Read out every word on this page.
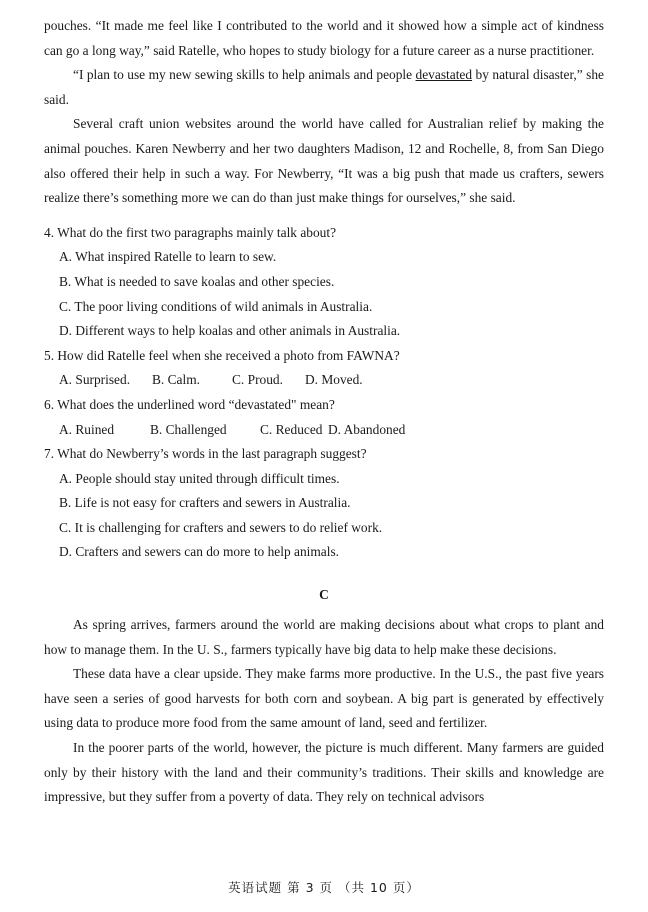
pouches. “It made me feel like I contributed to the world and it showed how a simple act of kindness can go a long way,” said Ratelle, who hopes to study biology for a future career as a nurse practitioner.

“I plan to use my new sewing skills to help animals and people devastated by natural disaster,” she said.

Several craft union websites around the world have called for Australian relief by making the animal pouches. Karen Newberry and her two daughters Madison, 12 and Rochelle, 8, from San Diego also offered their help in such a way. For Newberry, “It was a big push that made us crafters, sewers realize there’s something more we can do than just make things for ourselves,” she said.

4. What do the first two paragraphs mainly talk about?

A. What inspired Ratelle to learn to sew.

B. What is needed to save koalas and other species.

C. The poor living conditions of wild animals in Australia.

D. Different ways to help koalas and other animals in Australia.

5. How did Ratelle feel when she received a photo from FAWNA?

A. Surprised. B. Calm. C. Proud. D. Moved.

6. What does the underlined word “devastated" mean?

A. Ruined	B. Challenged C. Reduced D. Abandoned

7. What do Newberry’s words in the last paragraph suggest?

A. People should stay united through difficult times.

B. Life is not easy for crafters and sewers in Australia.

C. It is challenging for crafters and sewers to do relief work.

D. Crafters and sewers can do more to help animals.

C

As spring arrives, farmers around the world are making decisions about what crops to plant and how to manage them. In the U. S., farmers typically have big data to help make these decisions.

These data have a clear upside. They make farms more productive. In the U.S., the past five years have seen a series of good harvests for both corn and soybean. A big part is generated by effectively using data to produce more food from the same amount of land, seed and fertilizer.

In the poorer parts of the world, however, the picture is much different. Many farmers are guided only by their history with the land and their community’s traditions. Their skills and knowledge are impressive, but they suffer from a poverty of data. They rely on technical advisors

英语试题 第 3 页 （共 10 页）
